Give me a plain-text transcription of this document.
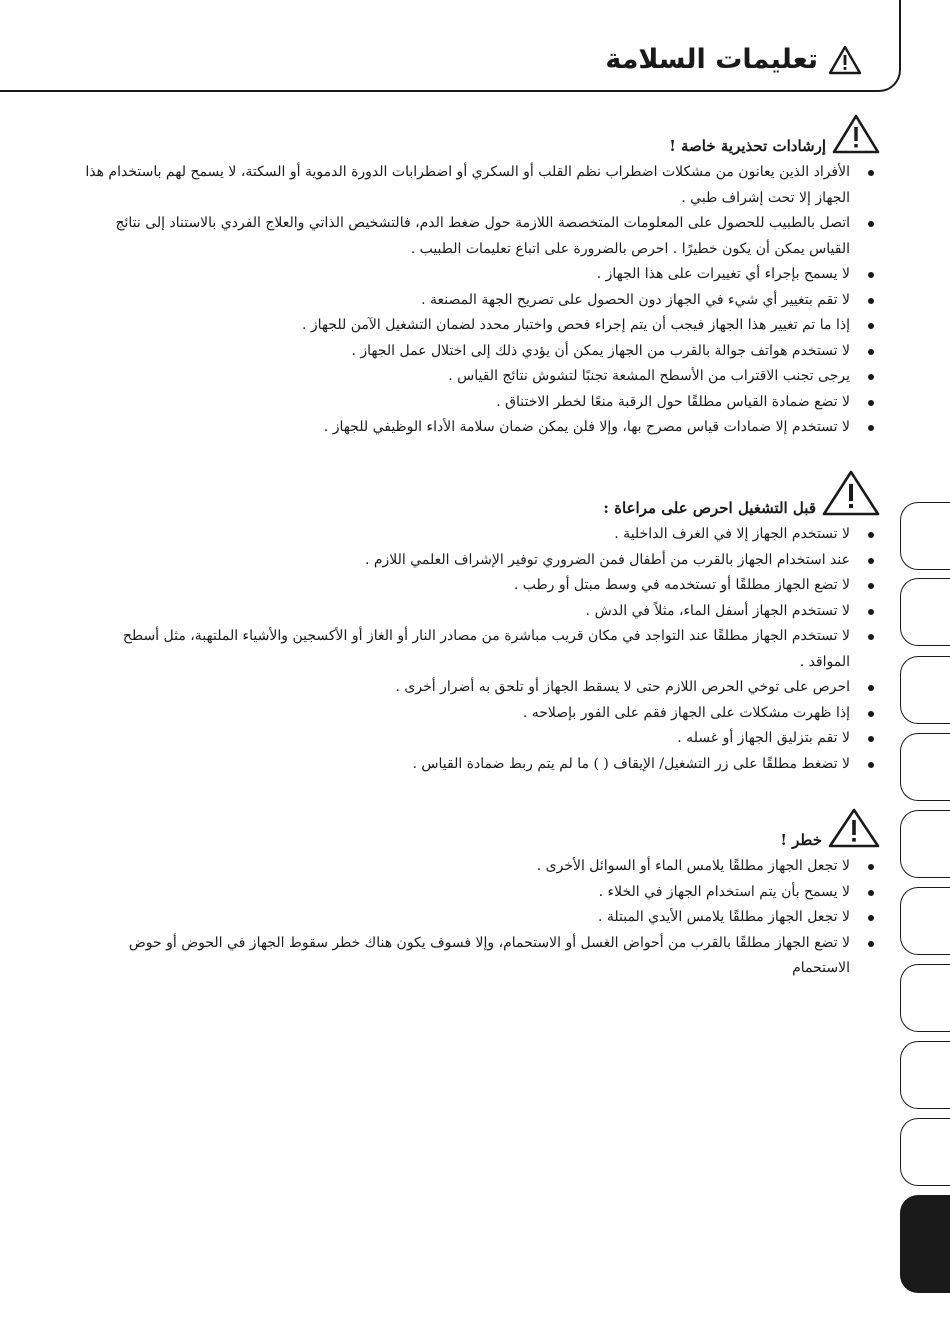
تعليمات السلامة
إرشادات تحذيرية خاصة !
الأفراد الذين يعانون من مشكلات اضطراب نظم القلب أو السكري أو اضطرابات الدورة الدموية أو السكتة، لا يسمح لهم باستخدام هذا الجهاز إلا تحت إشراف طبي .
اتصل بالطبيب للحصول على المعلومات المتخصصة اللازمة حول ضغط الدم، فالتشخيص الذاتي والعلاج الفردي بالاستناد إلى نتائج القياس يمكن أن يكون خطيرًا . احرص بالضرورة على اتباع تعليمات الطبيب .
لا يسمح بإجراء أي تغييرات على هذا الجهاز .
لا تقم بتغيير أي شيء في الجهاز دون الحصول على تصريح الجهة المصنعة .
إذا ما تم تغيير هذا الجهاز فيجب أن يتم إجراء فحص واختبار محدد لضمان التشغيل الآمن للجهاز .
لا تستخدم هواتف جوالة بالقرب من الجهاز يمكن أن يؤدي ذلك إلى اختلال عمل الجهاز .
يرجى تجنب الاقتراب من الأسطح المشعة تجنبًا لتشوش نتائج القياس .
لا تضع ضمادة القياس مطلقًا حول الرقبة منعًا لخطر الاختناق .
لا تستخدم إلا ضمادات قياس مصرح بها، وإلا فلن يمكن ضمان سلامة الأداء الوظيفي للجهاز .
قبل التشغيل احرص على مراعاة :
لا تستخدم الجهاز إلا في الغرف الداخلية .
عند استخدام الجهاز بالقرب من أطفال فمن الضروري توفير الإشراف العلمي اللازم .
لا تضع الجهاز مطلقًا أو تستخدمه في وسط مبتل أو رطب .
لا تستخدم الجهاز أسفل الماء، مثلاً في الدش .
لا تستخدم الجهاز مطلقًا عند التواجد في مكان قريب مباشرة من مصادر النار أو الغاز أو الأكسجين والأشياء الملتهبة، مثل أسطح المواقد .
احرص على توخي الحرص اللازم حتى لا يسقط الجهاز أو تلحق به أضرار أخرى .
إذا ظهرت مشكلات على الجهاز فقم على الفور بإصلاحه .
لا تقم بتزليق الجهاز أو غسله .
لا تضغط مطلقًا على زر التشغيل/ الإيقاف ( ) ما لم يتم ربط ضمادة القياس .
خطر !
لا تجعل الجهاز مطلقًا يلامس الماء أو السوائل الأخرى .
لا يسمح بأن يتم استخدام الجهاز في الخلاء .
لا تجعل الجهاز مطلقًا يلامس الأيدي المبتلة .
لا تضع الجهاز مطلقًا بالقرب من أحواض الغسل أو الاستحمام، وإلا فسوف يكون هناك خطر سقوط الجهاز في الحوض أو حوض الاستحمام
